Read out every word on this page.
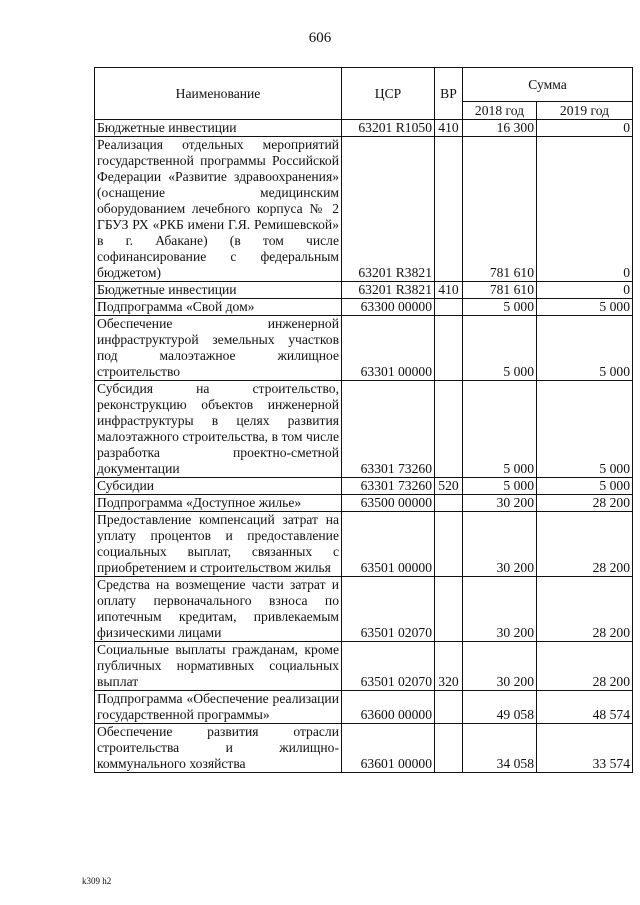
606
Наименование	ЦСР	ВР	Сумма	
			2018 год	2019 год
Бюджетные инвестиции	63201 R1050	410	16 300	0
Реализация отдельных мероприятий государственной программы Российской Федерации «Развитие здравоохранения» (оснащение медицинским оборудованием лечебного корпуса № 2 ГБУЗ РХ «РКБ имени Г.Я. Ремишевской» в г. Абакане) (в том числе софинансирование с федеральным бюджетом)	63201 R3821		781 610	0
Бюджетные инвестиции	63201 R3821	410	781 610	0
Подпрограмма «Свой дом»	63300 00000		5 000	5 000
Обеспечение инженерной инфраструктурой земельных участков под малоэтажное жилищное строительство	63301 00000		5 000	5 000
Субсидия на строительство, реконструкцию объектов инженерной инфраструктуры в целях развития малоэтажного строительства, в том числе разработка проектно-сметной документации	63301 73260		5 000	5 000
Субсидии	63301 73260	520	5 000	5 000
Подпрограмма «Доступное жилье»	63500 00000		30 200	28 200
Предоставление компенсаций затрат на уплату процентов и предоставление социальных выплат, связанных с приобретением и строительством жилья	63501 00000		30 200	28 200
Средства на возмещение части затрат и оплату первоначального взноса по ипотечным кредитам, привлекаемым физическими лицами	63501 02070		30 200	28 200
Социальные выплаты гражданам, кроме публичных нормативных социальных выплат	63501 02070	320	30 200	28 200
Подпрограмма «Обеспечение реализации государственной программы»	63600 00000		49 058	48 574
Обеспечение развития отрасли строительства и жилищно-коммунального хозяйства	63601 00000		34 058	33 574
k309 h2
